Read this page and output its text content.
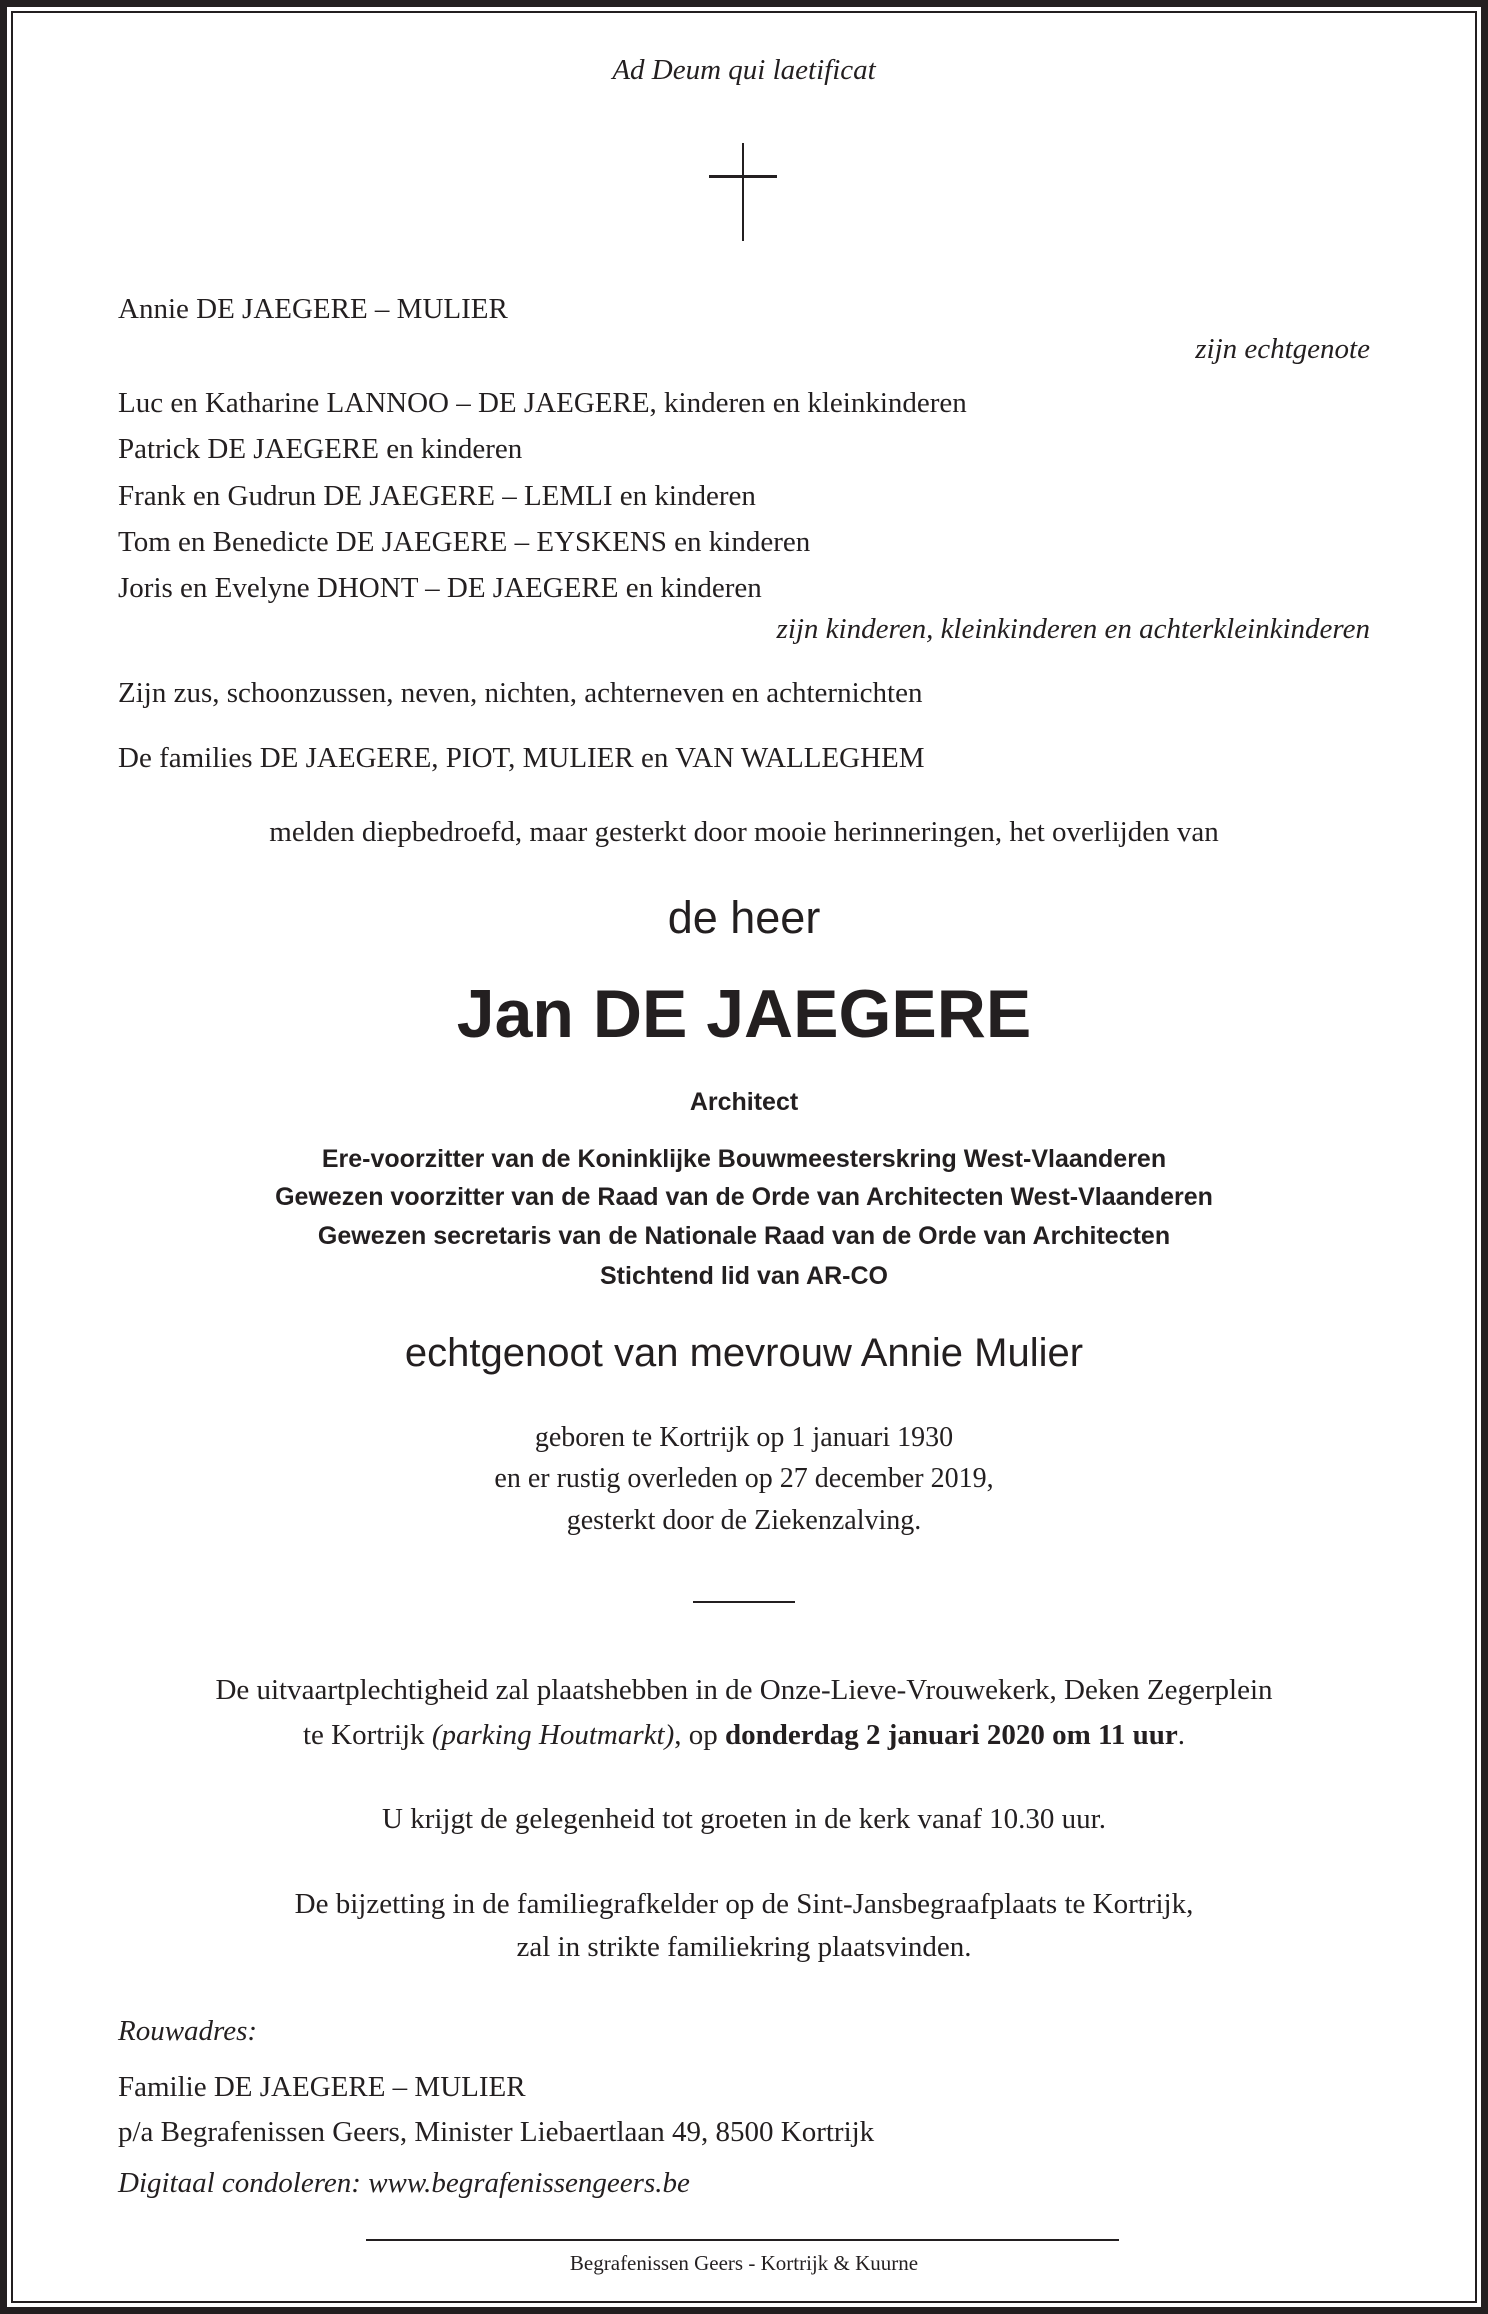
Ad Deum qui laetificat
Annie DE JAEGERE – MULIER
zijn echtgenote
Luc en Katharine LANNOO – DE JAEGERE, kinderen en kleinkinderen
Patrick DE JAEGERE en kinderen
Frank en Gudrun DE JAEGERE – LEMLI en kinderen
Tom en Benedicte DE JAEGERE – EYSKENS en kinderen
Joris en Evelyne DHONT – DE JAEGERE en kinderen
zijn kinderen, kleinkinderen en achterkleinkinderen
Zijn zus, schoonzussen, neven, nichten, achterneven en achternichten
De families DE JAEGERE, PIOT, MULIER en VAN WALLEGHEM
melden diepbedroefd, maar gesterkt door mooie herinneringen, het overlijden van
de heer
Jan DE JAEGERE
Architect
Ere-voorzitter van de Koninklijke Bouwmeesterskring West-Vlaanderen
Gewezen voorzitter van de Raad van de Orde van Architecten West-Vlaanderen
Gewezen secretaris van de Nationale Raad van de Orde van Architecten
Stichtend lid van AR-CO
echtgenoot van mevrouw Annie Mulier
geboren te Kortrijk op 1 januari 1930
en er rustig overleden op 27 december 2019,
gesterkt door de Ziekenzalving.
De uitvaartplechtigheid zal plaatshebben in de Onze-Lieve-Vrouwekerk, Deken Zegerplein
te Kortrijk (parking Houtmarkt), op donderdag 2 januari 2020 om 11 uur.
U krijgt de gelegenheid tot groeten in de kerk vanaf 10.30 uur.
De bijzetting in de familiegrafkelder op de Sint-Jansbegraafplaats te Kortrijk,
zal in strikte familiekring plaatsvinden.
Rouwadres:
Familie DE JAEGERE – MULIER
p/a Begrafenissen Geers, Minister Liebaertlaan 49, 8500 Kortrijk
Digitaal condoleren: www.begrafenissengeers.be
Begrafenissen Geers - Kortrijk & Kuurne
